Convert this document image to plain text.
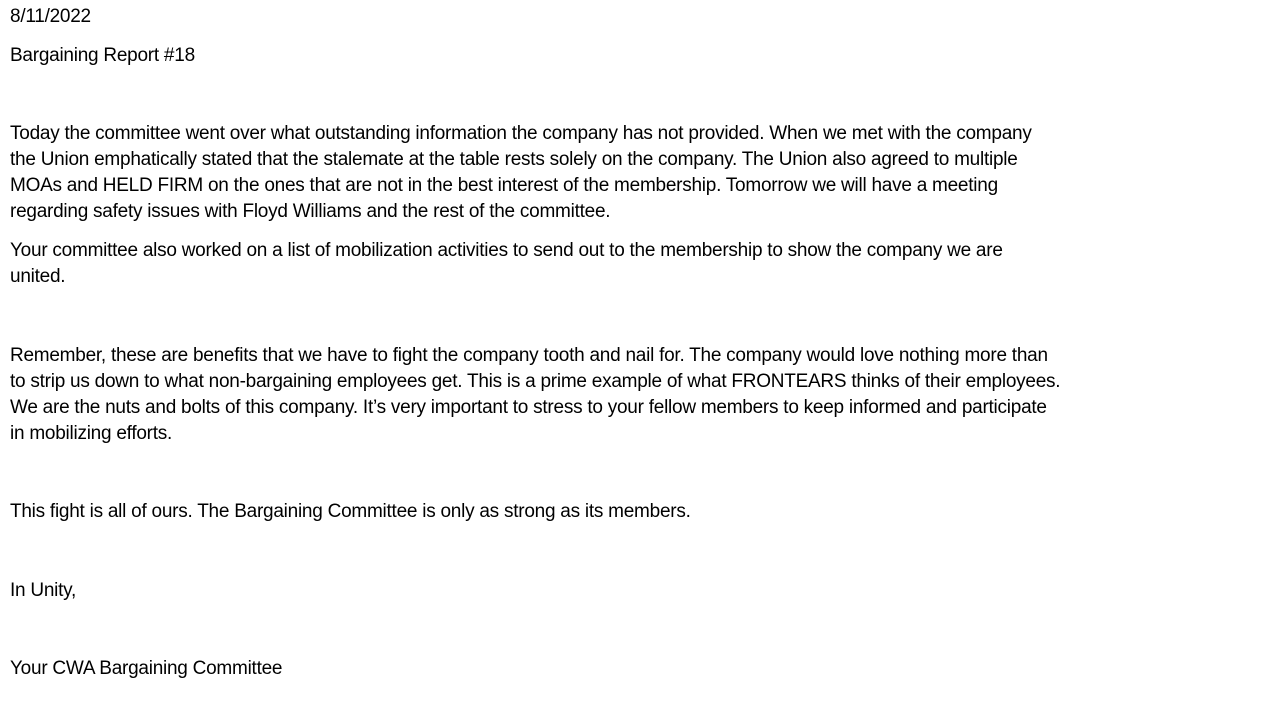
8/11/2022

Bargaining Report #18

Today the committee went over what outstanding information the company has not provided. When we met with the company
the Union emphatically stated that the stalemate at the table rests solely on the company. The Union also agreed to multiple
MOAs and HELD FIRM on the ones that are not in the best interest of the membership. Tomorrow we will have a meeting
regarding safety issues with Floyd Williams and the rest of the committee.
Your committee also worked on a list of mobilization activities to send out to the membership to show the company we are
united.
Remember, these are benefits that we have to fight the company tooth and nail for. The company would love nothing more than
to strip us down to what non-bargaining employees get. This is a prime example of what FRONTEARS thinks of their employees.
We are the nuts and bolts of this company. It’s very important to stress to your fellow members to keep informed and participate
in mobilizing efforts.

This fight is all of ours. The Bargaining Committee is only as strong as its members.

In Unity,

Your CWA Bargaining Committee
